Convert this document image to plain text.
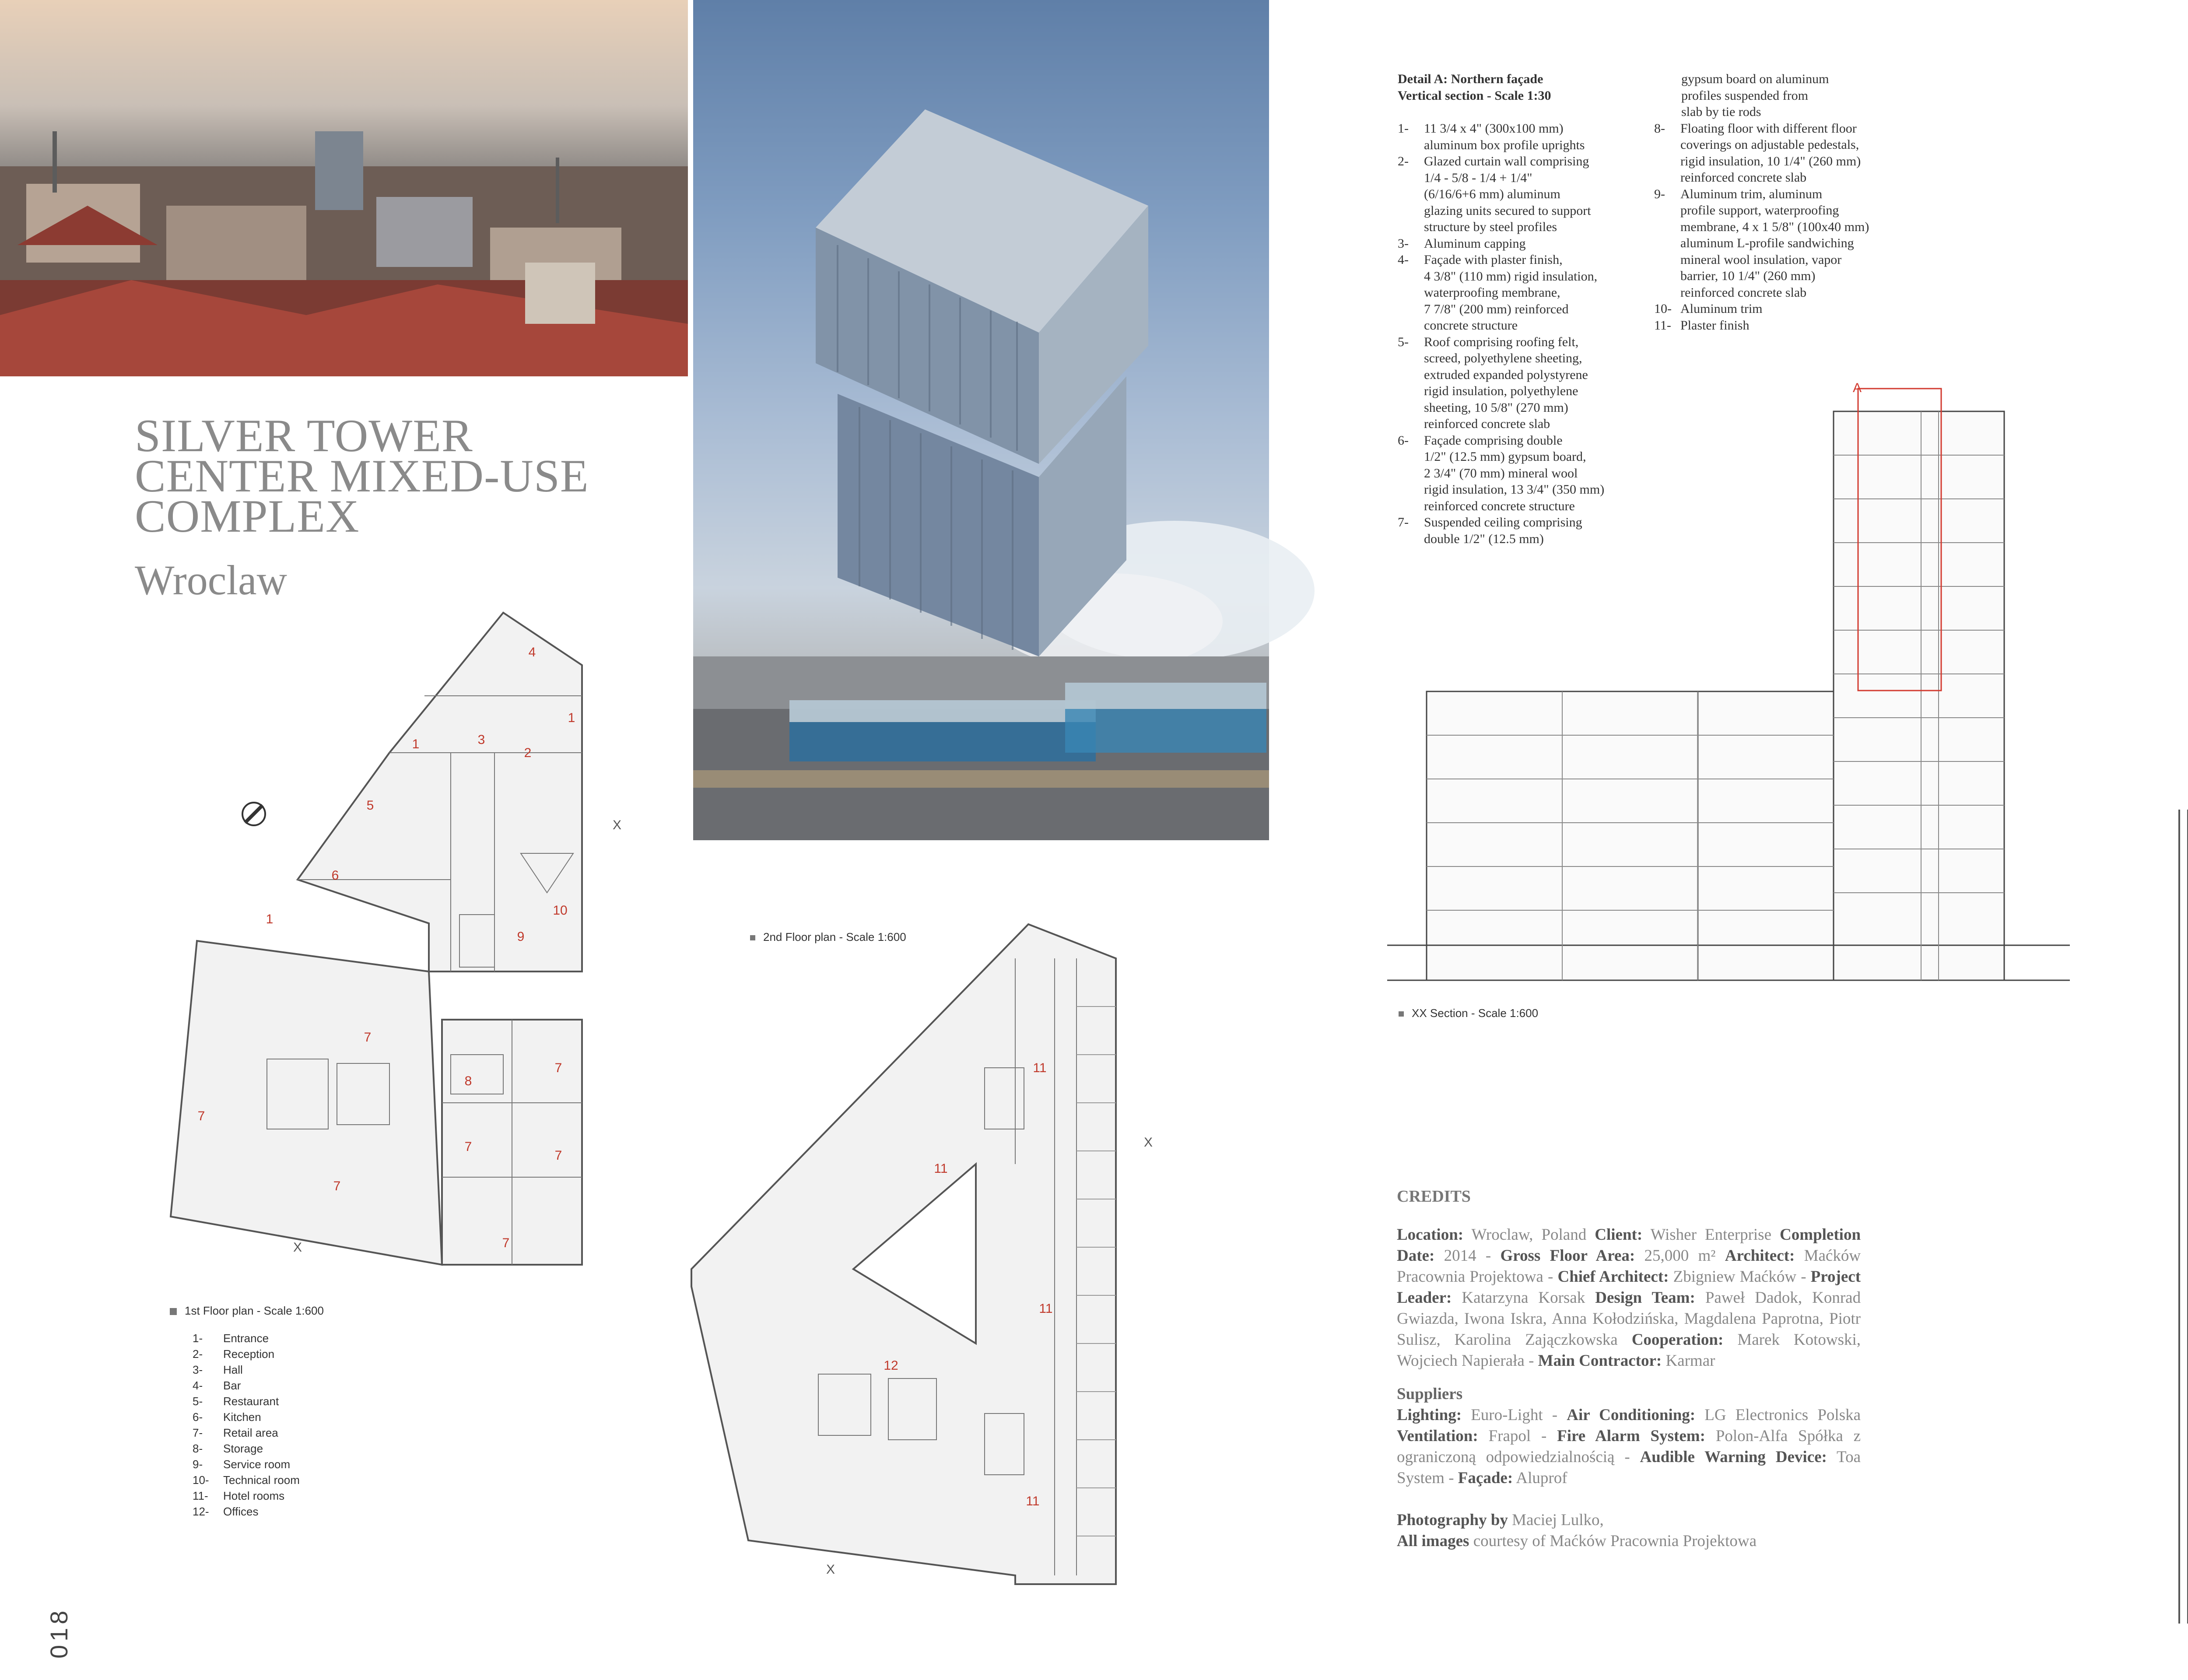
SILVER TOWER
CENTER MIXED-USE
COMPLEX
Wroclaw
4
1
1
2
3
5
6
1
10
9
7
7
7
8
7
7
7
7
X
X
1st Floor plan - Scale 1:600
1- Entrance
2- Reception
3- Hall
4- Bar
5- Restaurant
6- Kitchen
7- Retail area
8- Storage
9- Service room
10- Technical room
11- Hotel rooms
12- Offices
2nd Floor plan - Scale 1:600
11
11
11
12
11
X
X
018
Detail A: Northern façade
Vertical section - Scale 1:30
1-	11 3/4 x 4" (300x100 mm)
aluminum box profile uprights
2-	Glazed curtain wall comprising
1/4 - 5/8 - 1/4 + 1/4"
(6/16/6+6 mm) aluminum
glazing units secured to support
structure by steel profiles
3-	Aluminum capping
4-	Façade with plaster finish,
4 3/8" (110 mm) rigid insulation,
waterproofing membrane,
7 7/8" (200 mm) reinforced
concrete structure
5-	Roof comprising roofing felt,
screed, polyethylene sheeting,
extruded expanded polystyrene
rigid insulation, polyethylene
sheeting, 10 5/8" (270 mm)
reinforced concrete slab
6-	Façade comprising double
1/2" (12.5 mm) gypsum board,
2 3/4" (70 mm) mineral wool
rigid insulation, 13 3/4" (350 mm)
reinforced concrete structure
7-	Suspended ceiling comprising
double 1/2" (12.5 mm)
gypsum board on aluminum
profiles suspended from
slab by tie rods
8-	Floating floor with different floor
coverings on adjustable pedestals,
rigid insulation, 10 1/4" (260 mm)
reinforced concrete slab
9-	Aluminum trim, aluminum
profile support, waterproofing
membrane, 4 x 1 5/8" (100x40 mm)
aluminum L-profile sandwiching
mineral wool insulation, vapor
barrier, 10 1/4" (260 mm)
reinforced concrete slab
10- Aluminum trim
11- Plaster finish
A
XX Section - Scale 1:600
CREDITS
Location: Wroclaw, Poland Client: Wisher Enterprise Completion Date: 2014 - Gross Floor Area: 25,000 m² Architect: Maćków Pracownia Projektowa - Chief Architect: Zbigniew Maćków - Project Leader: Katarzyna Korsak Design Team: Paweł Dadok, Konrad Gwiazda, Iwona Iskra, Anna Kołodzińska, Magdalena Paprotna, Piotr Sulisz, Karolina Zajączkowska Cooperation: Marek Kotowski, Wojciech Napierała - Main Contractor: Karmar
Suppliers
Lighting: Euro-Light - Air Conditioning: LG Electronics Polska Ventilation: Frapol - Fire Alarm System: Polon-Alfa Spółka z ograniczoną odpowiedzialnością - Audible Warning Device: Toa System - Façade: Aluprof
Photography by Maciej Lulko,
All images courtesy of Maćków Pracownia Projektowa
